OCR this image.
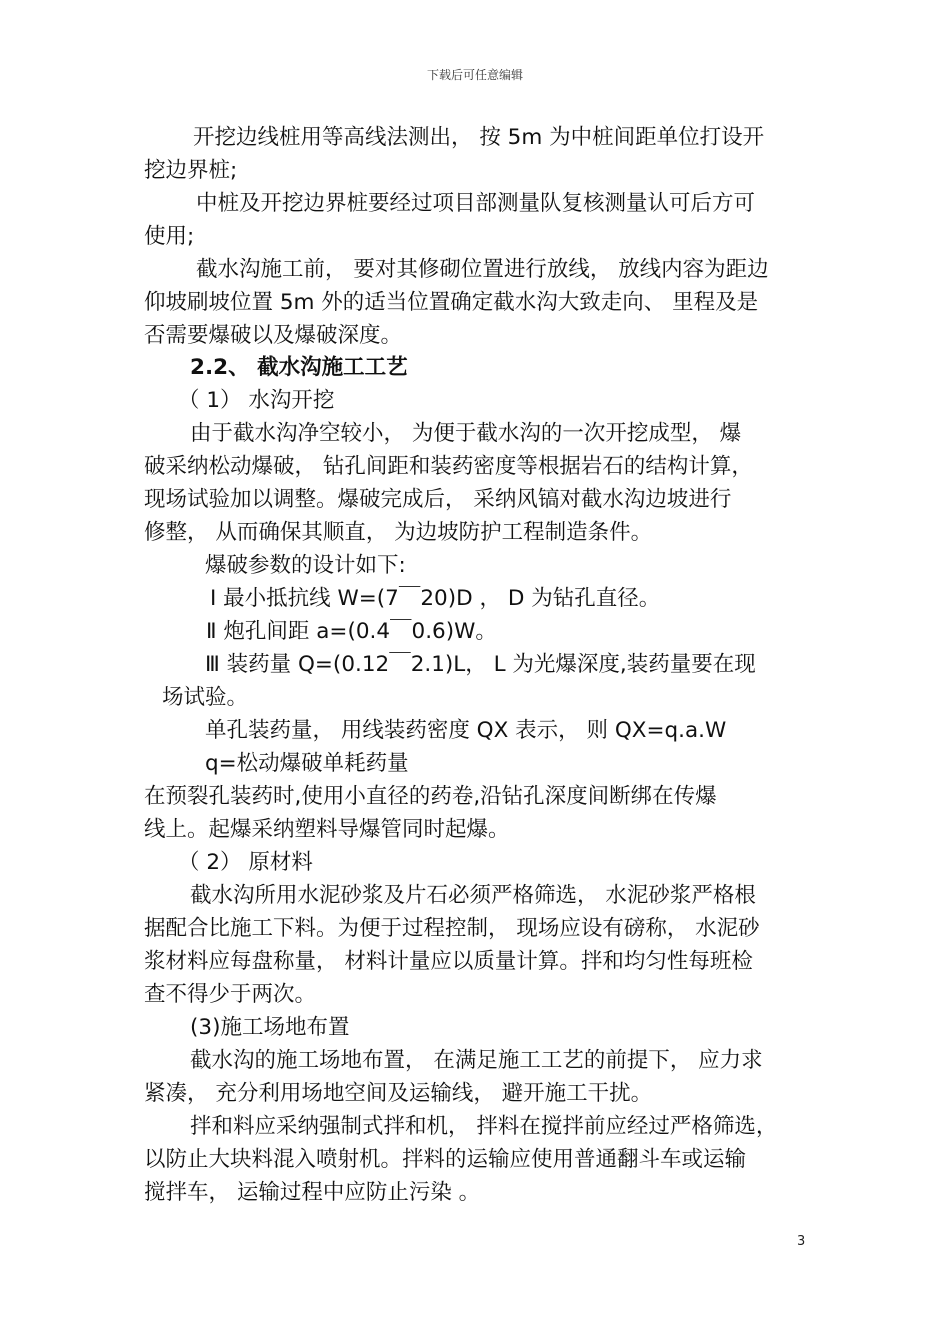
下载后可任意编辑
开挖边线桩用等高线法测出， 按 5m 为中桩间距单位打设开
挖边界桩;
中桩及开挖边界桩要经过项目部测量队复核测量认可后方可
使用;
截水沟施工前， 要对其修砌位置进行放线， 放线内容为距边
仰坡刷坡位置 5m 外的适当位置确定截水沟大致走向、 里程及是
否需要爆破以及爆破深度。
2.2、 截水沟施工工艺
（ 1） 水沟开挖
由于截水沟净空较小， 为便于截水沟的一次开挖成型， 爆
破采纳松动爆破， 钻孔间距和装药密度等根据岩石的结构计算，
现场试验加以调整。爆破完成后， 采纳风镐对截水沟边坡进行
修整， 从而确保其顺直， 为边坡防护工程制造条件。
爆破参数的设计如下:
Ⅰ 最小抵抗线 W=(7￣20)D ， D 为钻孔直径。
Ⅱ 炮孔间距 a=(0.4￣0.6)W。
Ⅲ 装药量 Q=(0.12￣2.1)L， L 为光爆深度,装药量要在现
场试验。
单孔装药量， 用线装药密度 QX 表示， 则 QX=q.a.W
q=松动爆破单耗药量
在预裂孔装药时,使用小直径的药卷,沿钻孔深度间断绑在传爆
线上。起爆采纳塑料导爆管同时起爆。
（ 2） 原材料
截水沟所用水泥砂浆及片石必须严格筛选， 水泥砂浆严格根
据配合比施工下料。为便于过程控制， 现场应设有磅称， 水泥砂
浆材料应每盘称量， 材料计量应以质量计算。拌和均匀性每班检
查不得少于两次。
(3)施工场地布置
截水沟的施工场地布置， 在满足施工工艺的前提下， 应力求
紧凑， 充分利用场地空间及运输线， 避开施工干扰。
拌和料应采纳强制式拌和机， 拌料在搅拌前应经过严格筛选，
以防止大块料混入喷射机。拌料的运输应使用普通翻斗车或运输
搅拌车， 运输过程中应防止污染 。
3
